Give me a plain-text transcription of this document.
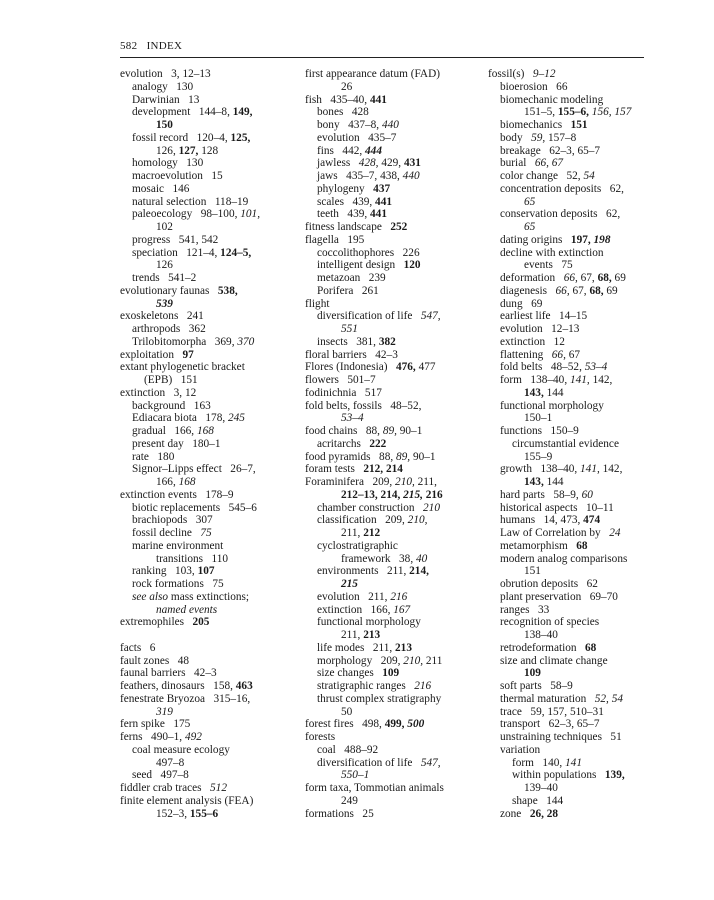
582 INDEX
evolution   3, 12–13
analogy   130
Darwinian   13
development   144–8, 149,
150
fossil record   120–4, 125,
126, 127, 128
homology   130
macroevolution   15
mosaic   146
natural selection   118–19
paleoecology   98–100, 101,
102
progress   541, 542
speciation   121–4, 124–5,
126
trends   541–2
evolutionary faunas   538,
539
exoskeletons   241
arthropods   362
Trilobitomorpha   369, 370
exploitation   97
extant phylogenetic bracket
(EPB)   151
extinction   3, 12
background   163
Ediacara biota   178, 245
gradual   166, 168
present day   180–1
rate   180
Signor–Lipps effect   26–7,
166, 168
extinction events   178–9
biotic replacements   545–6
brachiopods   307
fossil decline   75
marine environment
transitions   110
ranking   103, 107
rock formations   75
see also mass extinctions;
named events
extremophiles   205
facts   6
fault zones   48
faunal barriers   42–3
feathers, dinosaurs   158, 463
fenestrate Bryozoa   315–16,
319
fern spike   175
ferns   490–1, 492
coal measure ecology
497–8
seed   497–8
fiddler crab traces   512
finite element analysis (FEA)
152–3, 155–6
first appearance datum (FAD)
26
fish   435–40, 441
bones   428
bony   437–8, 440
evolution   435–7
fins   442, 444
jawless   428, 429, 431
jaws   435–7, 438, 440
phylogeny   437
scales   439, 441
teeth   439, 441
fitness landscape   252
flagella   195
coccolithophores   226
intelligent design   120
metazoan   239
Porifera   261
flight
diversification of life   547,
551
insects   381, 382
floral barriers   42–3
Flores (Indonesia)   476, 477
flowers   501–7
fodinichnia   517
fold belts, fossils   48–52,
53–4
food chains   88, 89, 90–1
acritarchs   222
food pyramids   88, 89, 90–1
foram tests   212, 214
Foraminifera   209, 210, 211,
212–13, 214, 215, 216
chamber construction   210
classification   209, 210,
211, 212
cyclostratigraphic
framework   38, 40
environments   211, 214,
215
evolution   211, 216
extinction   166, 167
functional morphology
211, 213
life modes   211, 213
morphology   209, 210, 211
size changes   109
stratigraphic ranges   216
thrust complex stratigraphy
50
forest fires   498, 499, 500
forests
coal   488–92
diversification of life   547,
550–1
form taxa, Tommotian animals
249
formations   25
fossil(s)   9–12
bioerosion   66
biomechanic modeling
151–5, 155–6, 156, 157
biomechanics   151
body   59, 157–8
breakage   62–3, 65–7
burial   66, 67
color change   52, 54
concentration deposits   62,
65
conservation deposits   62,
65
dating origins   197, 198
decline with extinction
events   75
deformation   66, 67, 68, 69
diagenesis   66, 67, 68, 69
dung   69
earliest life   14–15
evolution   12–13
extinction   12
flattening   66, 67
fold belts   48–52, 53–4
form   138–40, 141, 142,
143, 144
functional morphology
150–1
functions   150–9
circumstantial evidence
155–9
growth   138–40, 141, 142,
143, 144
hard parts   58–9, 60
historical aspects   10–11
humans   14, 473, 474
Law of Correlation by   24
metamorphism   68
modern analog comparisons
151
obrution deposits   62
plant preservation   69–70
ranges   33
recognition of species
138–40
retrodeformation   68
size and climate change
109
soft parts   58–9
thermal maturation   52, 54
trace   59, 157, 510–31
transport   62–3, 65–7
unstraining techniques   51
variation
form   140, 141
within populations   139,
139–40
shape   144
zone   26, 28
